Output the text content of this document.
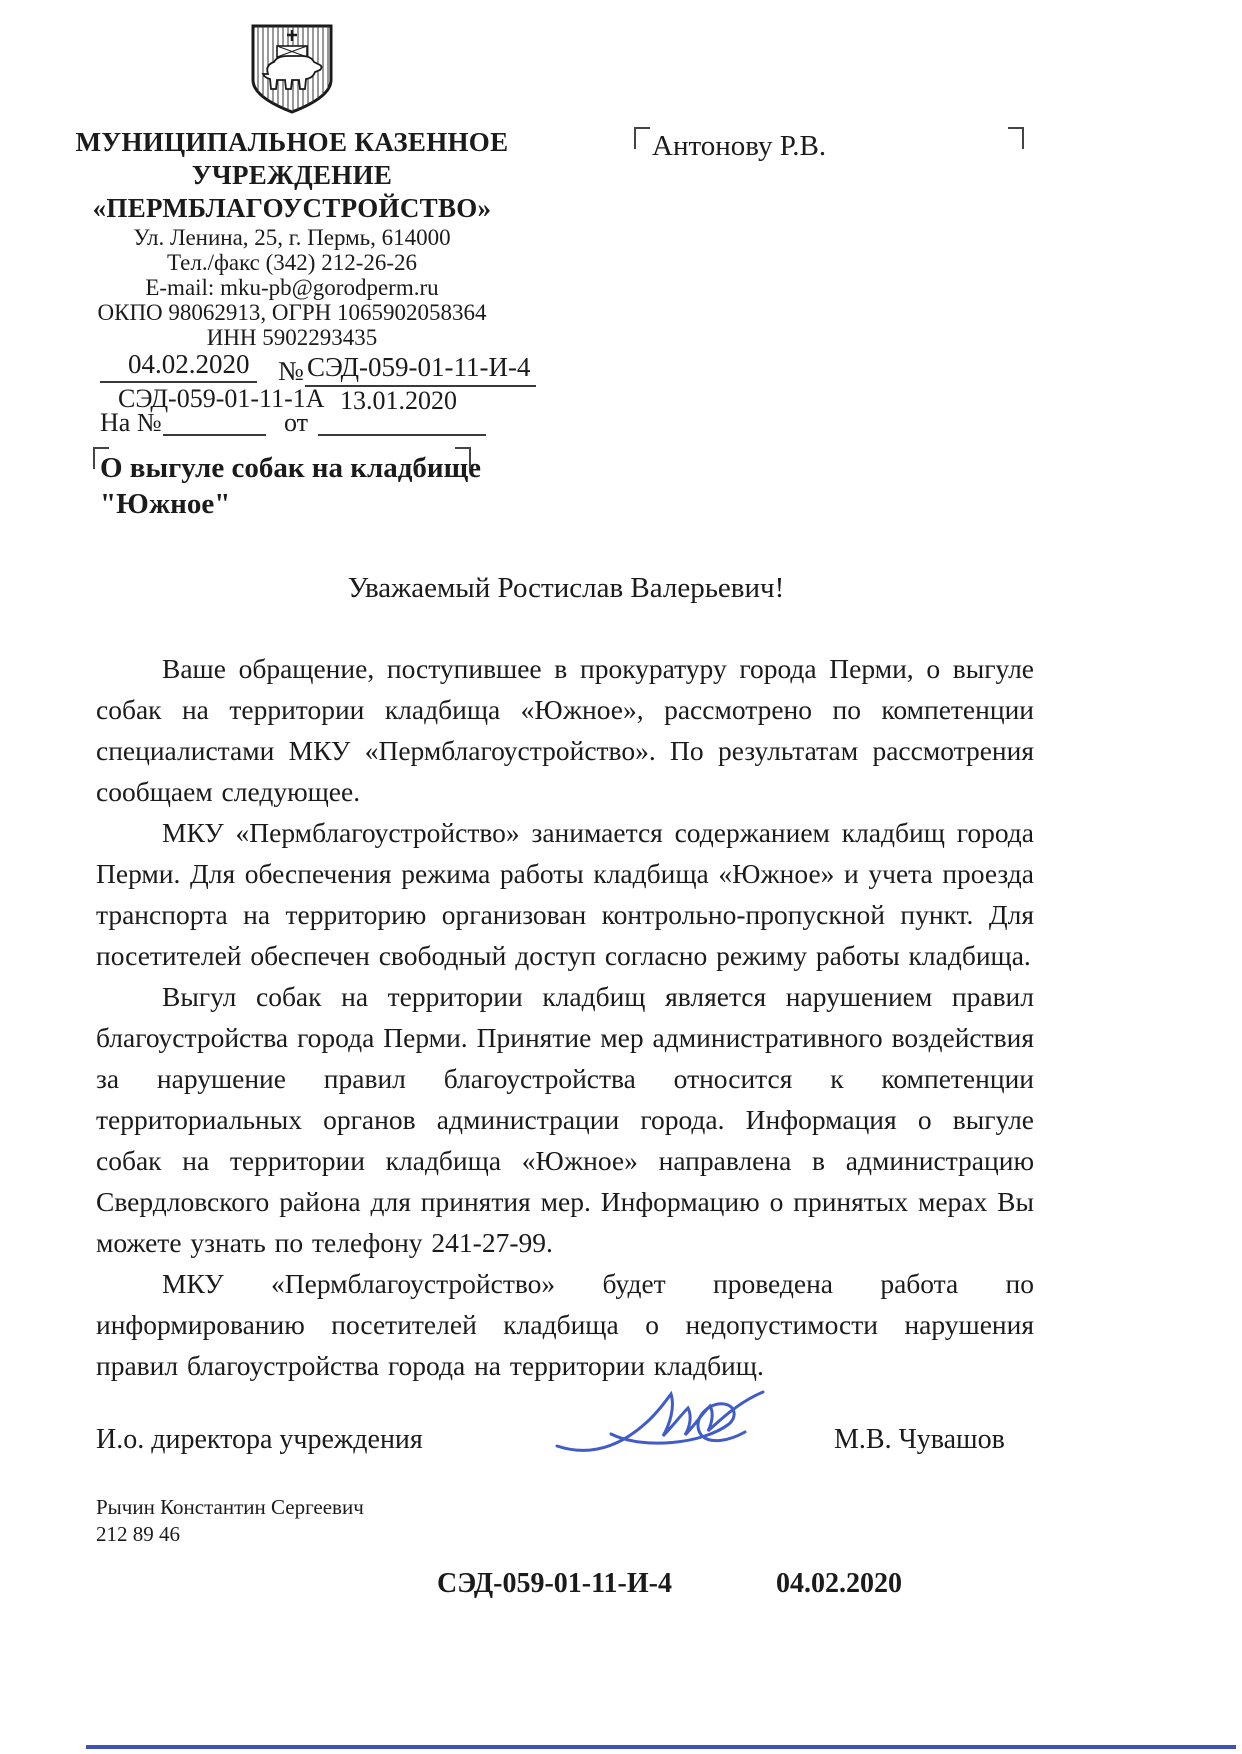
МУНИЦИПАЛЬНОЕ КАЗЕННОЕ
УЧРЕЖДЕНИЕ
«ПЕРМБЛАГОУСТРОЙСТВО»
Ул. Ленина, 25, г. Пермь, 614000
Тел./факс (342) 212-26-26
E-mail: mku-pb@gorodperm.ru
ОКПО 98062913, ОГРН 1065902058364
ИНН 5902293435
Антонову Р.В.
04.02.2020 № СЭД-059-01-11-И-4
СЭД-059-01-11-1А 13.01.2020
На №	от
О выгуле собак на кладбище
"Южное"
Уважаемый Ростислав Валерьевич!

Ваше обращение, поступившее в прокуратуру города Перми, о выгуле собак на территории кладбища «Южное», рассмотрено по компетенции специалистами МКУ «Пермблагоустройство». По результатам рассмотрения сообщаем следующее.

МКУ «Пермблагоустройство» занимается содержанием кладбищ города Перми. Для обеспечения режима работы кладбища «Южное» и учета проезда транспорта на территорию организован контрольно-пропускной пункт. Для посетителей обеспечен свободный доступ согласно режиму работы кладбища.

Выгул собак на территории кладбищ является нарушением правил благоустройства города Перми. Принятие мер административного воздействия за нарушение правил благоустройства относится к компетенции территориальных органов администрации города. Информация о выгуле собак на территории кладбища «Южное» направлена в администрацию Свердловского района для принятия мер. Информацию о принятых мерах Вы можете узнать по телефону 241-27-99.

МКУ «Пермблагоустройство» будет проведена работа по информированию посетителей кладбища о недопустимости нарушения правил благоустройства города на территории кладбищ.

И.о. директора учреждения	М.В. Чувашов
Рычин Константин Сергеевич
212 89 46
СЭД-059-01-11-И-4	04.02.2020
